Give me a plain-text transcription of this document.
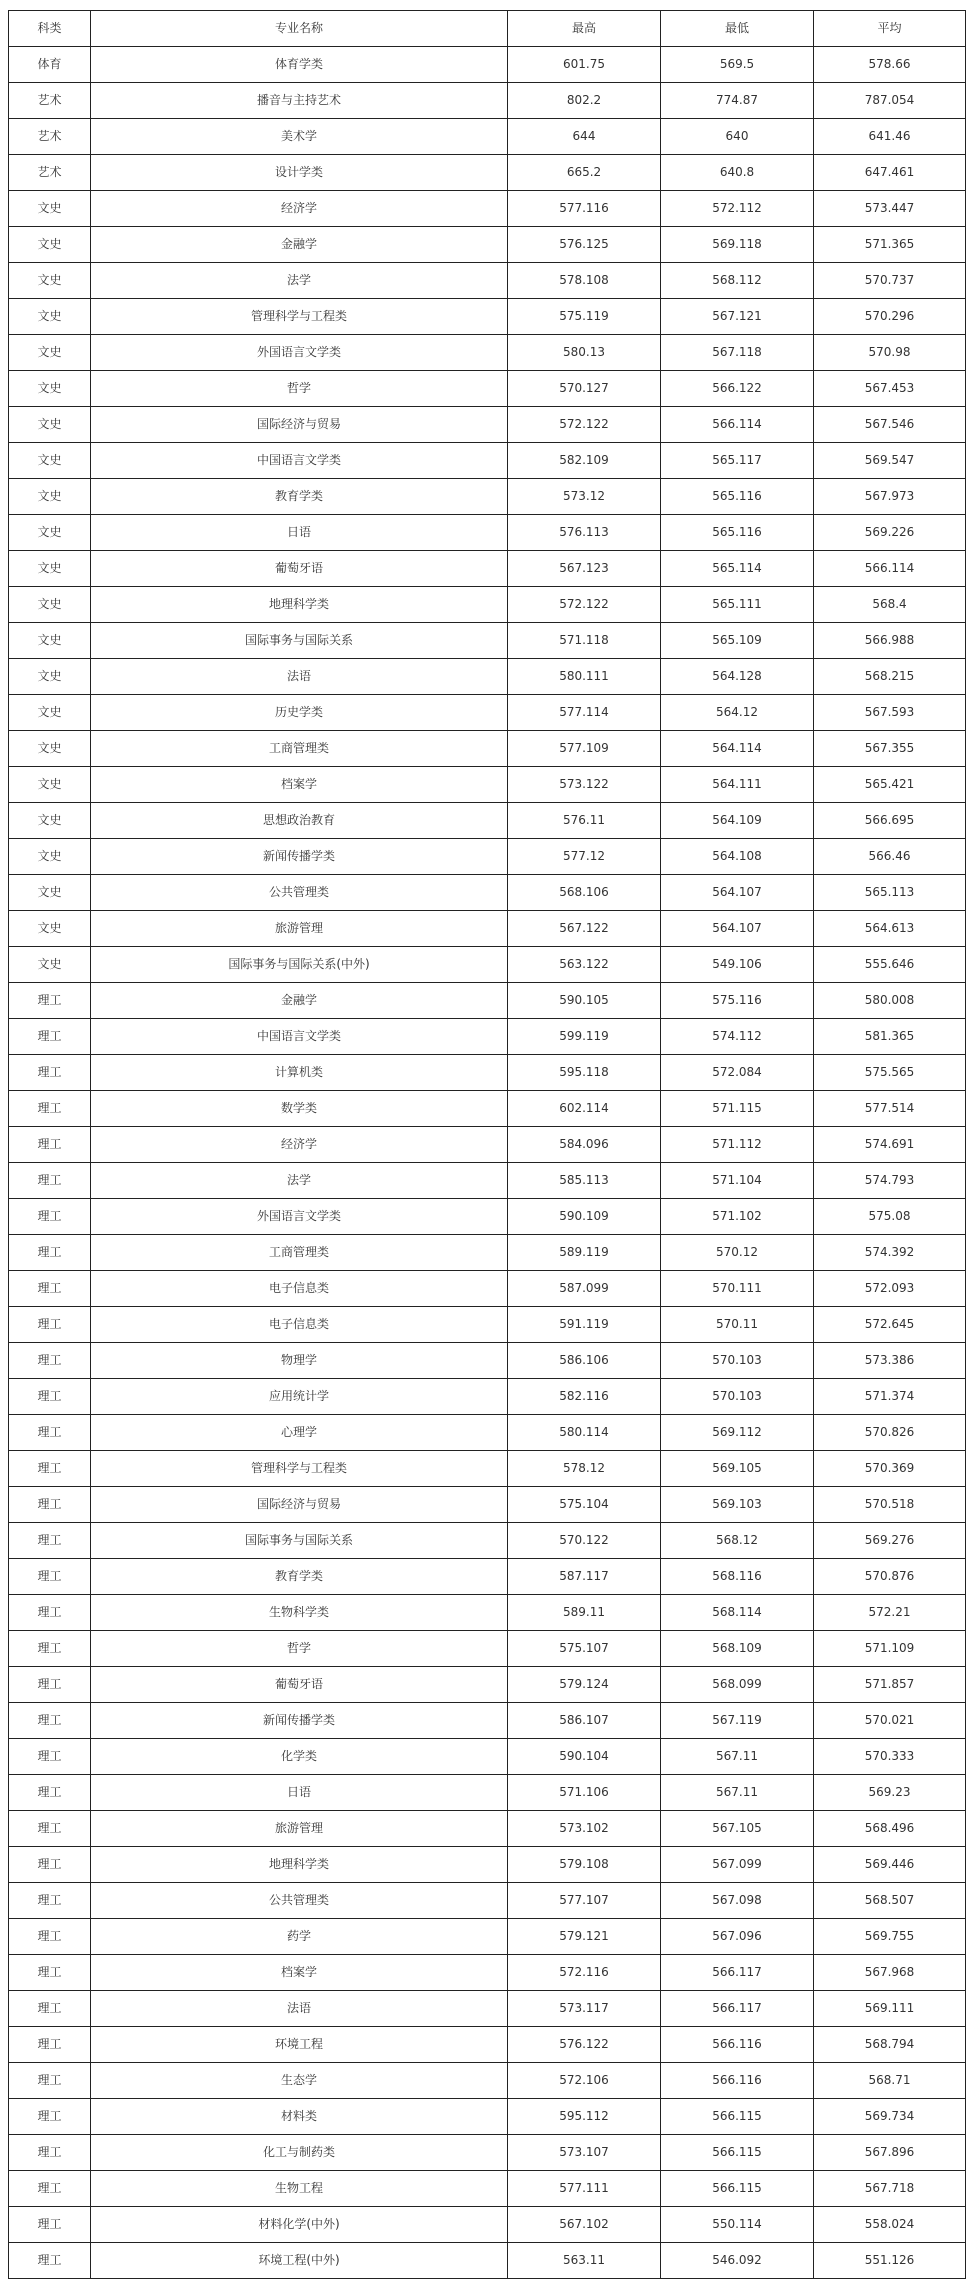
科类	专业名称	最高	最低	平均
体育	体育学类	601.75	569.5	578.66
艺术	播音与主持艺术	802.2	774.87	787.054
艺术	美术学	644	640	641.46
艺术	设计学类	665.2	640.8	647.461
文史	经济学	577.116	572.112	573.447
文史	金融学	576.125	569.118	571.365
文史	法学	578.108	568.112	570.737
文史	管理科学与工程类	575.119	567.121	570.296
文史	外国语言文学类	580.13	567.118	570.98
文史	哲学	570.127	566.122	567.453
文史	国际经济与贸易	572.122	566.114	567.546
文史	中国语言文学类	582.109	565.117	569.547
文史	教育学类	573.12	565.116	567.973
文史	日语	576.113	565.116	569.226
文史	葡萄牙语	567.123	565.114	566.114
文史	地理科学类	572.122	565.111	568.4
文史	国际事务与国际关系	571.118	565.109	566.988
文史	法语	580.111	564.128	568.215
文史	历史学类	577.114	564.12	567.593
文史	工商管理类	577.109	564.114	567.355
文史	档案学	573.122	564.111	565.421
文史	思想政治教育	576.11	564.109	566.695
文史	新闻传播学类	577.12	564.108	566.46
文史	公共管理类	568.106	564.107	565.113
文史	旅游管理	567.122	564.107	564.613
文史	国际事务与国际关系(中外)	563.122	549.106	555.646
理工	金融学	590.105	575.116	580.008
理工	中国语言文学类	599.119	574.112	581.365
理工	计算机类	595.118	572.084	575.565
理工	数学类	602.114	571.115	577.514
理工	经济学	584.096	571.112	574.691
理工	法学	585.113	571.104	574.793
理工	外国语言文学类	590.109	571.102	575.08
理工	工商管理类	589.119	570.12	574.392
理工	电子信息类	587.099	570.111	572.093
理工	电子信息类	591.119	570.11	572.645
理工	物理学	586.106	570.103	573.386
理工	应用统计学	582.116	570.103	571.374
理工	心理学	580.114	569.112	570.826
理工	管理科学与工程类	578.12	569.105	570.369
理工	国际经济与贸易	575.104	569.103	570.518
理工	国际事务与国际关系	570.122	568.12	569.276
理工	教育学类	587.117	568.116	570.876
理工	生物科学类	589.11	568.114	572.21
理工	哲学	575.107	568.109	571.109
理工	葡萄牙语	579.124	568.099	571.857
理工	新闻传播学类	586.107	567.119	570.021
理工	化学类	590.104	567.11	570.333
理工	日语	571.106	567.11	569.23
理工	旅游管理	573.102	567.105	568.496
理工	地理科学类	579.108	567.099	569.446
理工	公共管理类	577.107	567.098	568.507
理工	药学	579.121	567.096	569.755
理工	档案学	572.116	566.117	567.968
理工	法语	573.117	566.117	569.111
理工	环境工程	576.122	566.116	568.794
理工	生态学	572.106	566.116	568.71
理工	材料类	595.112	566.115	569.734
理工	化工与制药类	573.107	566.115	567.896
理工	生物工程	577.111	566.115	567.718
理工	材料化学(中外)	567.102	550.114	558.024
理工	环境工程(中外)	563.11	546.092	551.126
